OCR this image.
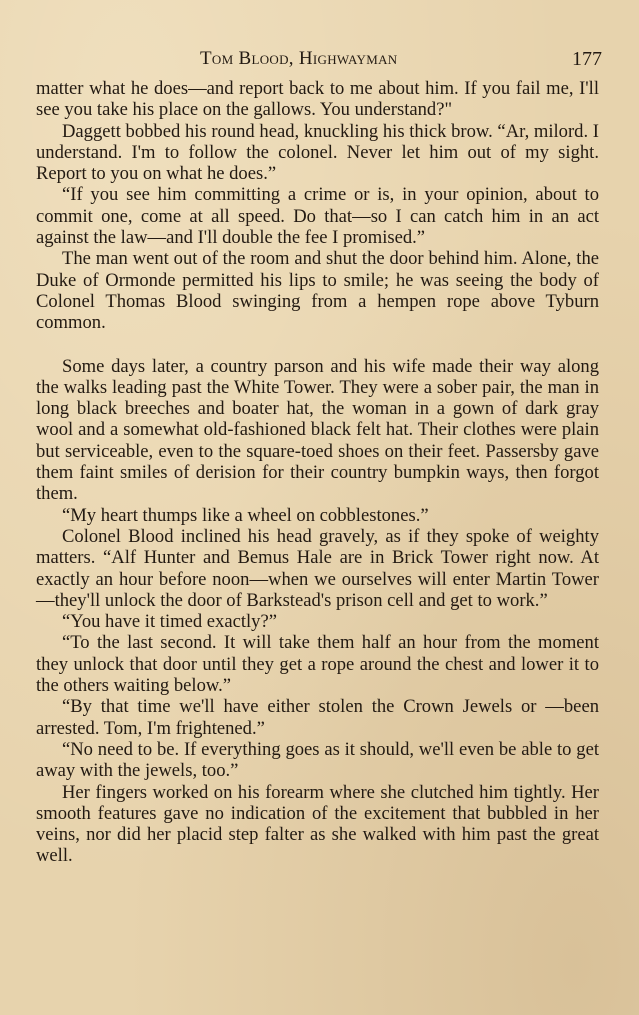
Tom Blood, Highwayman	177

matter what he does—and report back to me about him. If you fail me, I'll see you take his place on the gallows. You understand?"

Daggett bobbed his round head, knuckling his thick brow. “Ar, milord. I understand. I'm to follow the colonel. Never let him out of my sight. Report to you on what he does.”

“If you see him committing a crime or is, in your opinion, about to commit one, come at all speed. Do that—so I can catch him in an act against the law—and I'll double the fee I promised.”

The man went out of the room and shut the door behind him. Alone, the Duke of Ormonde permitted his lips to smile; he was seeing the body of Colonel Thomas Blood swinging from a hempen rope above Tyburn common.

Some days later, a country parson and his wife made their way along the walks leading past the White Tower. They were a sober pair, the man in long black breeches and boater hat, the woman in a gown of dark gray wool and a somewhat old-fashioned black felt hat. Their clothes were plain but serviceable, even to the square-toed shoes on their feet. Passersby gave them faint smiles of derision for their country bumpkin ways, then forgot them.

“My heart thumps like a wheel on cobblestones.”

Colonel Blood inclined his head gravely, as if they spoke of weighty matters. “Alf Hunter and Bemus Hale are in Brick Tower right now. At exactly an hour before noon—when we ourselves will enter Martin Tower—they'll unlock the door of Barkstead's prison cell and get to work.”

“You have it timed exactly?”

“To the last second. It will take them half an hour from the moment they unlock that door until they get a rope around the chest and lower it to the others waiting below.”

“By that time we'll have either stolen the Crown Jewels or —been arrested. Tom, I'm frightened.”

“No need to be. If everything goes as it should, we'll even be able to get away with the jewels, too.”

Her fingers worked on his forearm where she clutched him tightly. Her smooth features gave no indication of the excitement that bubbled in her veins, nor did her placid step falter as she walked with him past the great well.
